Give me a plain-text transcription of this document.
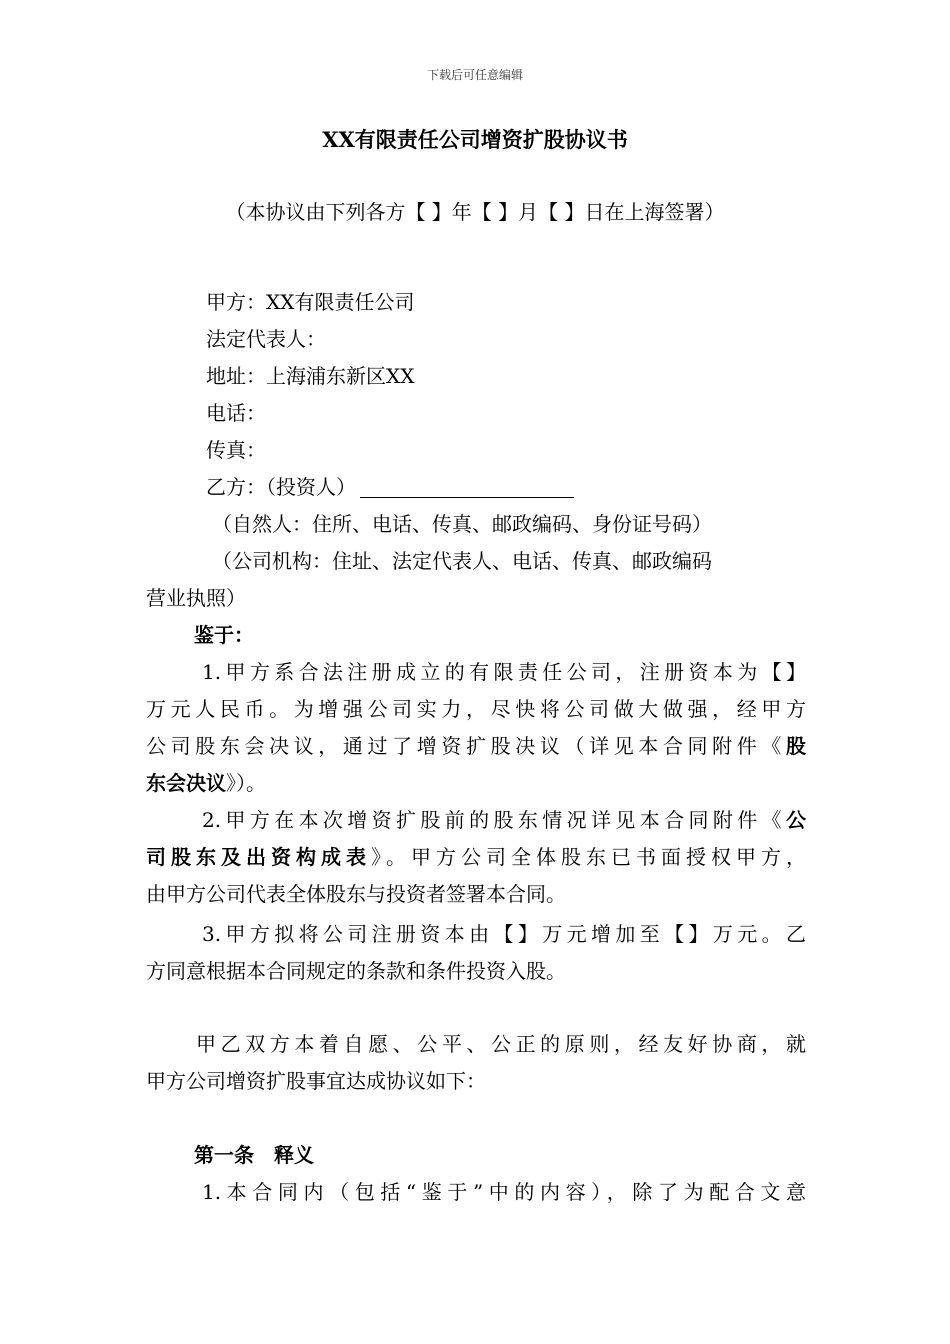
下载后可任意编辑
XX有限责任公司增资扩股协议书
（本协议由下列各方【 】年【 】月【 】日在上海签署）
甲方：XX有限责任公司
法定代表人：
地址：上海浦东新区XX
电话：
传真：
乙方：（投资人）
（自然人：住所、电话、传真、邮政编码、身份证号码）
（公司机构：住址、法定代表人、电话、传真、邮政编码
营业执照）
鉴于：
1.甲方系合法注册成立的有限责任公司，注册资本为【】
万元人民币。为增强公司实力，尽快将公司做大做强，经甲方
公司股东会决议，通过了增资扩股决议（详见本合同附件《股
东会决议》）。
2.甲方在本次增资扩股前的股东情况详见本合同附件《公
司股东及出资构成表》。甲方公司全体股东已书面授权甲方，
由甲方公司代表全体股东与投资者签署本合同。
3.甲方拟将公司注册资本由【】万元增加至【】万元。乙
方同意根据本合同规定的条款和条件投资入股。
甲乙双方本着自愿、公平、公正的原则，经友好协商，就
甲方公司增资扩股事宜达成协议如下：
第一条　释义
1.本合同内（包括“鉴于”中的内容），除了为配合文意
